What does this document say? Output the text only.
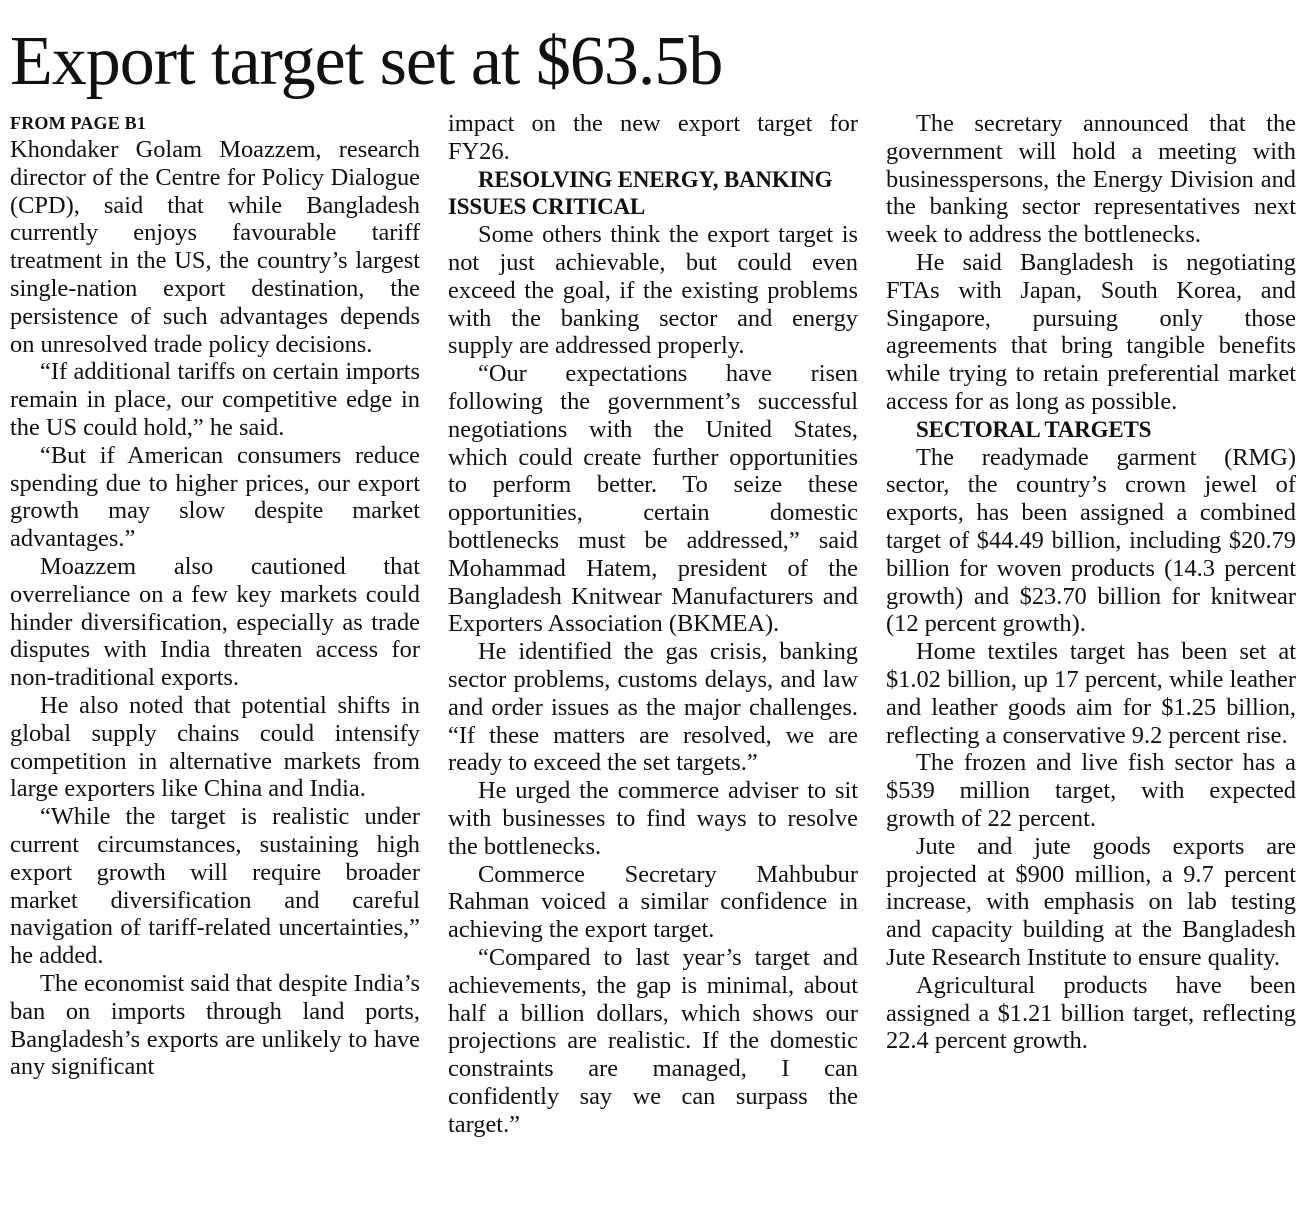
Export target set at $63.5b
FROM PAGE B1

Khondaker Golam Moazzem, research director of the Centre for Policy Dialogue (CPD), said that while Bangladesh currently enjoys favourable tariff treatment in the US, the country’s largest single-nation export destination, the persistence of such advantages depends on unresolved trade policy decisions.

“If additional tariffs on certain imports remain in place, our competitive edge in the US could hold,” he said.

“But if American consumers reduce spending due to higher prices, our export growth may slow despite market advantages.”

Moazzem also cautioned that overreliance on a few key markets could hinder diversification, especially as trade disputes with India threaten access for non-traditional exports.

He also noted that potential shifts in global supply chains could intensify competition in alternative markets from large exporters like China and India.

“While the target is realistic under current circumstances, sustaining high export growth will require broader market diversification and careful navigation of tariff-related uncertainties,” he added.

The economist said that despite India’s ban on imports through land ports, Bangladesh’s exports are unlikely to have any significant

impact on the new export target for FY26.

RESOLVING ENERGY, BANKING ISSUES CRITICAL

Some others think the export target is not just achievable, but could even exceed the goal, if the existing problems with the banking sector and energy supply are addressed properly.

“Our expectations have risen following the government’s successful negotiations with the United States, which could create further opportunities to perform better. To seize these opportunities, certain domestic bottlenecks must be addressed,” said Mohammad Hatem, president of the Bangladesh Knitwear Manufacturers and Exporters Association (BKMEA).

He identified the gas crisis, banking sector problems, customs delays, and law and order issues as the major challenges. “If these matters are resolved, we are ready to exceed the set targets.”

He urged the commerce adviser to sit with businesses to find ways to resolve the bottlenecks.

Commerce Secretary Mahbubur Rahman voiced a similar confidence in achieving the export target.

“Compared to last year’s target and achievements, the gap is minimal, about half a billion dollars, which shows our projections are realistic. If the domestic constraints are managed, I can confidently say we can surpass the target.”

The secretary announced that the government will hold a meeting with businesspersons, the Energy Division and the banking sector representatives next week to address the bottlenecks.

He said Bangladesh is negotiating FTAs with Japan, South Korea, and Singapore, pursuing only those agreements that bring tangible benefits while trying to retain preferential market access for as long as possible.

SECTORAL TARGETS

The readymade garment (RMG) sector, the country’s crown jewel of exports, has been assigned a combined target of $44.49 billion, including $20.79 billion for woven products (14.3 percent growth) and $23.70 billion for knitwear (12 percent growth).

Home textiles target has been set at $1.02 billion, up 17 percent, while leather and leather goods aim for $1.25 billion, reflecting a conservative 9.2 percent rise.

The frozen and live fish sector has a $539 million target, with expected growth of 22 percent.

Jute and jute goods exports are projected at $900 million, a 9.7 percent increase, with emphasis on lab testing and capacity building at the Bangladesh Jute Research Institute to ensure quality.

Agricultural products have been assigned a $1.21 billion target, reflecting 22.4 percent growth.
